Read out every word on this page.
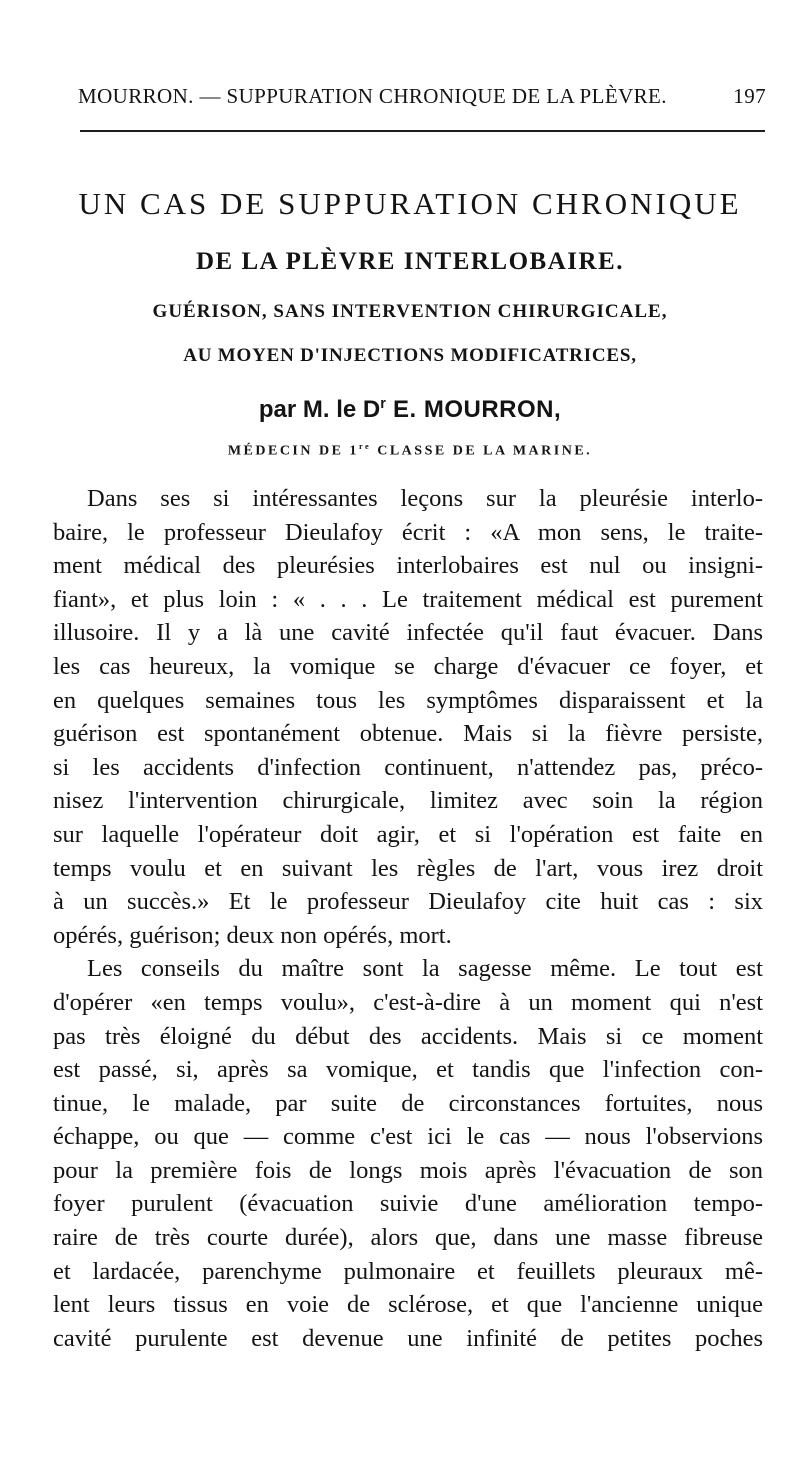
MOURRON. — SUPPURATION CHRONIQUE DE LA PLÈVRE.	197
UN CAS DE SUPPURATION CHRONIQUE
DE LA PLÈVRE INTERLOBAIRE.
GUÉRISON, SANS INTERVENTION CHIRURGICALE,
AU MOYEN D'INJECTIONS MODIFICATRICES,
par M. le $D^r$ E. MOURRON,
MÉDECIN DE 1re CLASSE DE LA MARINE.
Dans ses si intéressantes leçons sur la pleurésie interlo-
baire, le professeur Dieulafoy écrit : «A mon sens, le traite-
ment médical des pleurésies interlobaires est nul ou insigni-
fiant», et plus loin : « . . . Le traitement médical est purement
illusoire. Il y a là une cavité infectée qu'il faut évacuer. Dans
les cas heureux, la vomique se charge d'évacuer ce foyer, et
en quelques semaines tous les symptômes disparaissent et la
guérison est spontanément obtenue. Mais si la fièvre persiste,
si les accidents d'infection continuent, n'attendez pas, préco-
nisez l'intervention chirurgicale, limitez avec soin la région
sur laquelle l'opérateur doit agir, et si l'opération est faite en
temps voulu et en suivant les règles de l'art, vous irez droit
à un succès.» Et le professeur Dieulafoy cite huit cas : six
opérés, guérison; deux non opérés, mort.
Les conseils du maître sont la sagesse même. Le tout est
d'opérer «en temps voulu», c'est-à-dire à un moment qui n'est
pas très éloigné du début des accidents. Mais si ce moment
est passé, si, après sa vomique, et tandis que l'infection con-
tinue, le malade, par suite de circonstances fortuites, nous
échappe, ou que — comme c'est ici le cas — nous l'observions
pour la première fois de longs mois après l'évacuation de son
foyer purulent (évacuation suivie d'une amélioration tempo-
raire de très courte durée), alors que, dans une masse fibreuse
et lardacée, parenchyme pulmonaire et feuillets pleuraux mê-
lent leurs tissus en voie de sclérose, et que l'ancienne unique
cavité purulente est devenue une infinité de petites poches
